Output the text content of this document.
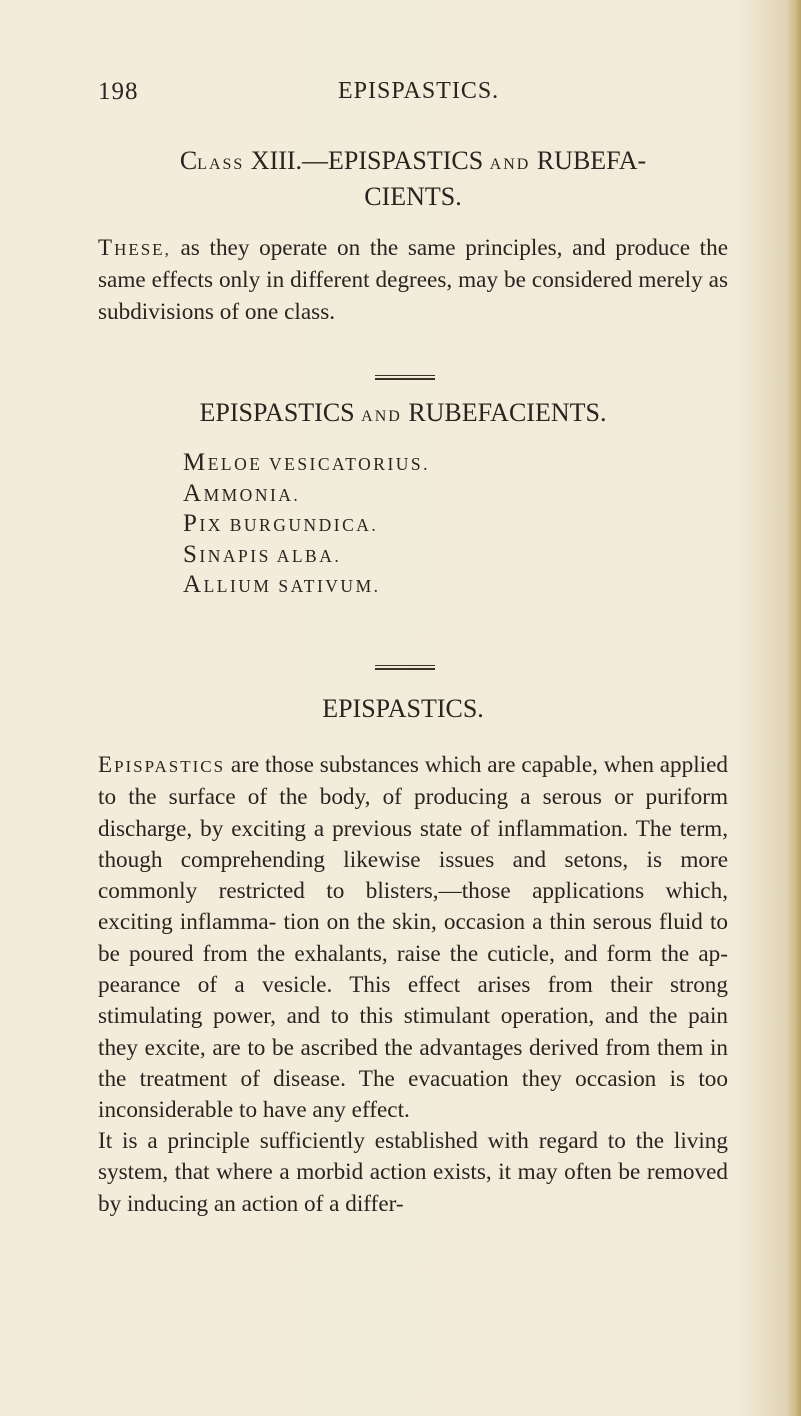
198	EPISPASTICS.
CLASS XIII.—EPISPASTICS AND RUBEFA-
CIENTS.
THESE, as they operate on the same principles, and produce the same effects only in different degrees, may be considered merely as subdivisions of one class.
EPISPASTICS AND RUBEFACIENTS.
MELOE VESICATORIUS.
AMMONIA.
PIX BURGUNDICA.
SINAPIS ALBA.
ALLIUM SATIVUM.
EPISPASTICS.
EPISPASTICS are those substances which are capable, when applied to the surface of the body, of producing a serous or puriform discharge, by exciting a previous state of inflammation. The term, though comprehending likewise issues and setons, is more commonly restricted to blisters,—those applications which, exciting inflamma- tion on the skin, occasion a thin serous fluid to be poured from the exhalants, raise the cuticle, and form the ap- pearance of a vesicle. This effect arises from their strong stimulating power, and to this stimulant operation, and the pain they excite, are to be ascribed the advantages derived from them in the treatment of disease. The evacuation they occasion is too inconsiderable to have any effect.
It is a principle sufficiently established with regard to the living system, that where a morbid action exists, it may often be removed by inducing an action of a differ-
